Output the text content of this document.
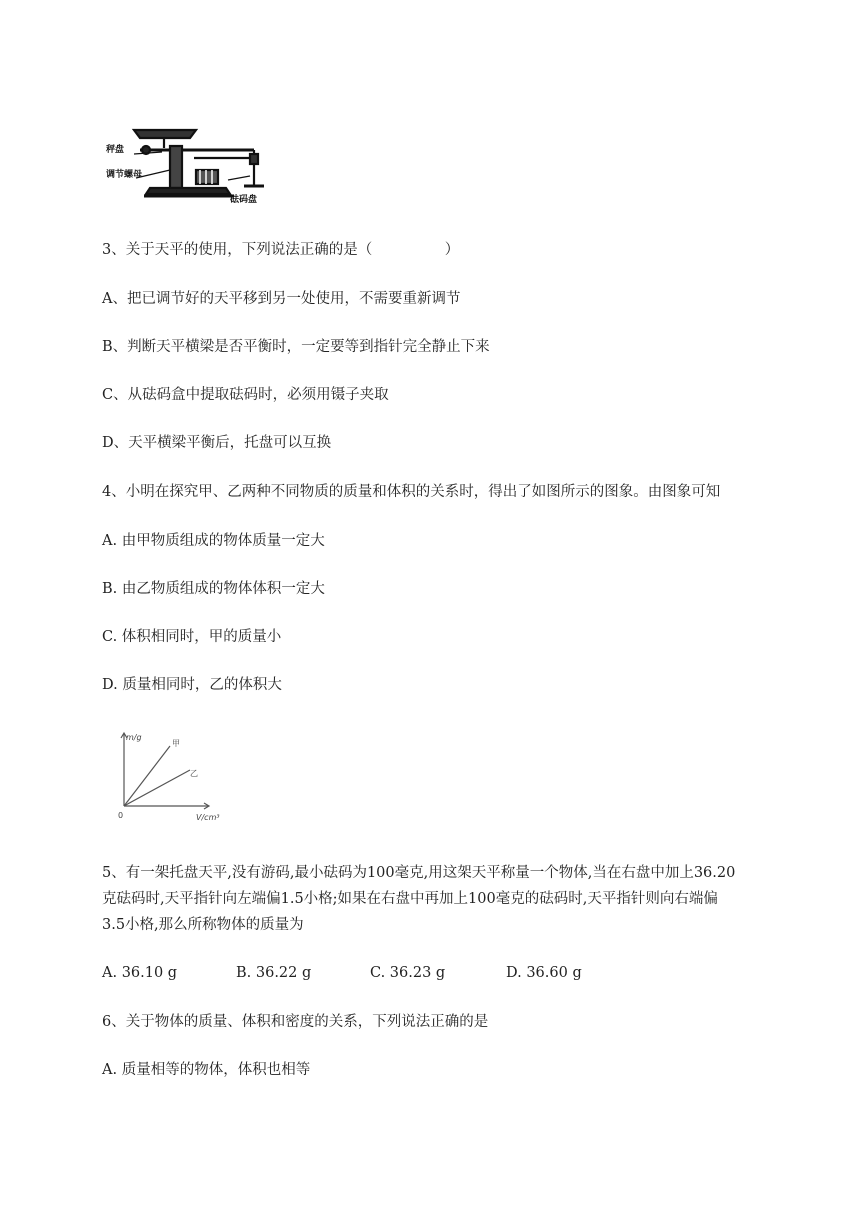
秤盘
调节螺母
砝码盘
3、关于天平的使用，下列说法正确的是（　　　　　）
A、把已调节好的天平移到另一处使用，不需要重新调节
B、判断天平横梁是否平衡时，一定要等到指针完全静止下来
C、从砝码盒中提取砝码时，必须用镊子夹取
D、天平横梁平衡后，托盘可以互换
4、小明在探究甲、乙两种不同物质的质量和体积的关系时，得出了如图所示的图象。由图象可知
A. 由甲物质组成的物体质量一定大
B. 由乙物质组成的物体体积一定大
C. 体积相同时，甲的质量小
D. 质量相同时，乙的体积大
m/g
V/cm³
0
甲
乙
5、有一架托盘天平,没有游码,最小砝码为100毫克,用这架天平称量一个物体,当在右盘中加上36.20
克砝码时,天平指针向左端偏1.5小格;如果在右盘中再加上100毫克的砝码时,天平指针则向右端偏
3.5小格,那么所称物体的质量为
A. 36.10 g	B. 36.22 g	C. 36.23 g	D. 36.60 g
6、关于物体的质量、体积和密度的关系，下列说法正确的是
A. 质量相等的物体，体积也相等
